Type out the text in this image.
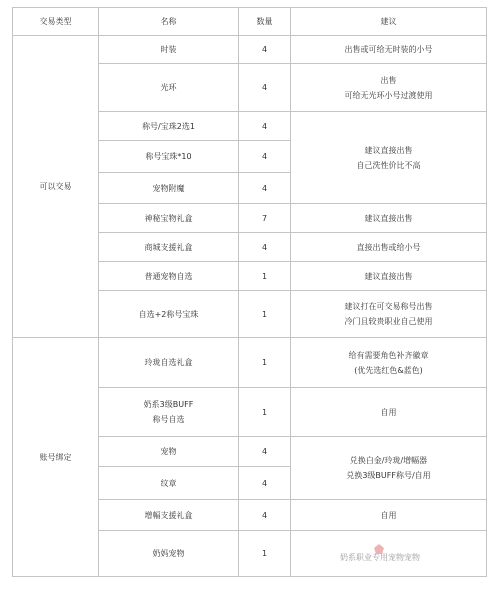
交易类型	名称	数量	建议
可以交易	时装	4	出售或可给无时装的小号
	光环	4	出售
可给无光环小号过渡使用

	称号/宝珠2选1	4	建议直接出售
自己洗性价比不高

	称号宝珠*10	4	
	宠物附魔	4	
	神秘宝物礼盒	7	建议直接出售
	商城支援礼盒	4	直接出售或给小号
	普通宠物自选	1	建议直接出售
	自选+2称号宝珠	1	建议打在可交易称号出售
冷门且较贵职业自己使用

账号绑定	玲珑自选礼盒	1	给有需要角色补齐徽章
(优先选红色&蓝色)

	奶系3级BUFF
称号自选	1	自用

	宠物	4	兑换白金/玲珑/增幅器
兑换3级BUFF称号/自用

	纹章	4	

	增幅支援礼盒	4	自用

	奶妈宠物	1		奶系职业专用宠物宠物
